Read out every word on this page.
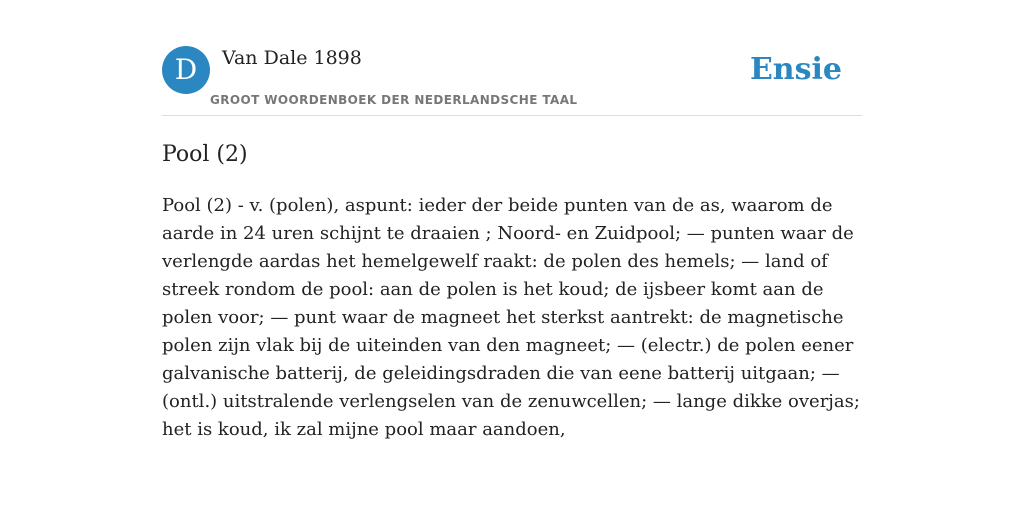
D	Van Dale 1898
GROOT WOORDENBOEK DER NEDERLANDSCHE TAAL
Ensie
Pool (2)

Pool (2) - v. (polen), aspunt: ieder der beide punten van de as, waarom de aarde in 24 uren schijnt te draaien ; Noord- en Zuidpool; — punten waar de verlengde aardas het hemelgewelf raakt: de polen des hemels; — land of streek rondom de pool: aan de polen is het koud; de ijsbeer komt aan de polen voor; — punt waar de magneet het sterkst aantrekt: de magnetische polen zijn vlak bij de uiteinden van den magneet; — (electr.) de polen eener galvanische batterij, de geleidingsdraden die van eene batterij uitgaan; — (ontl.) uitstralende verlengselen van de zenuwcellen; — lange dikke overjas; het is koud, ik zal mijne pool maar aandoen,
